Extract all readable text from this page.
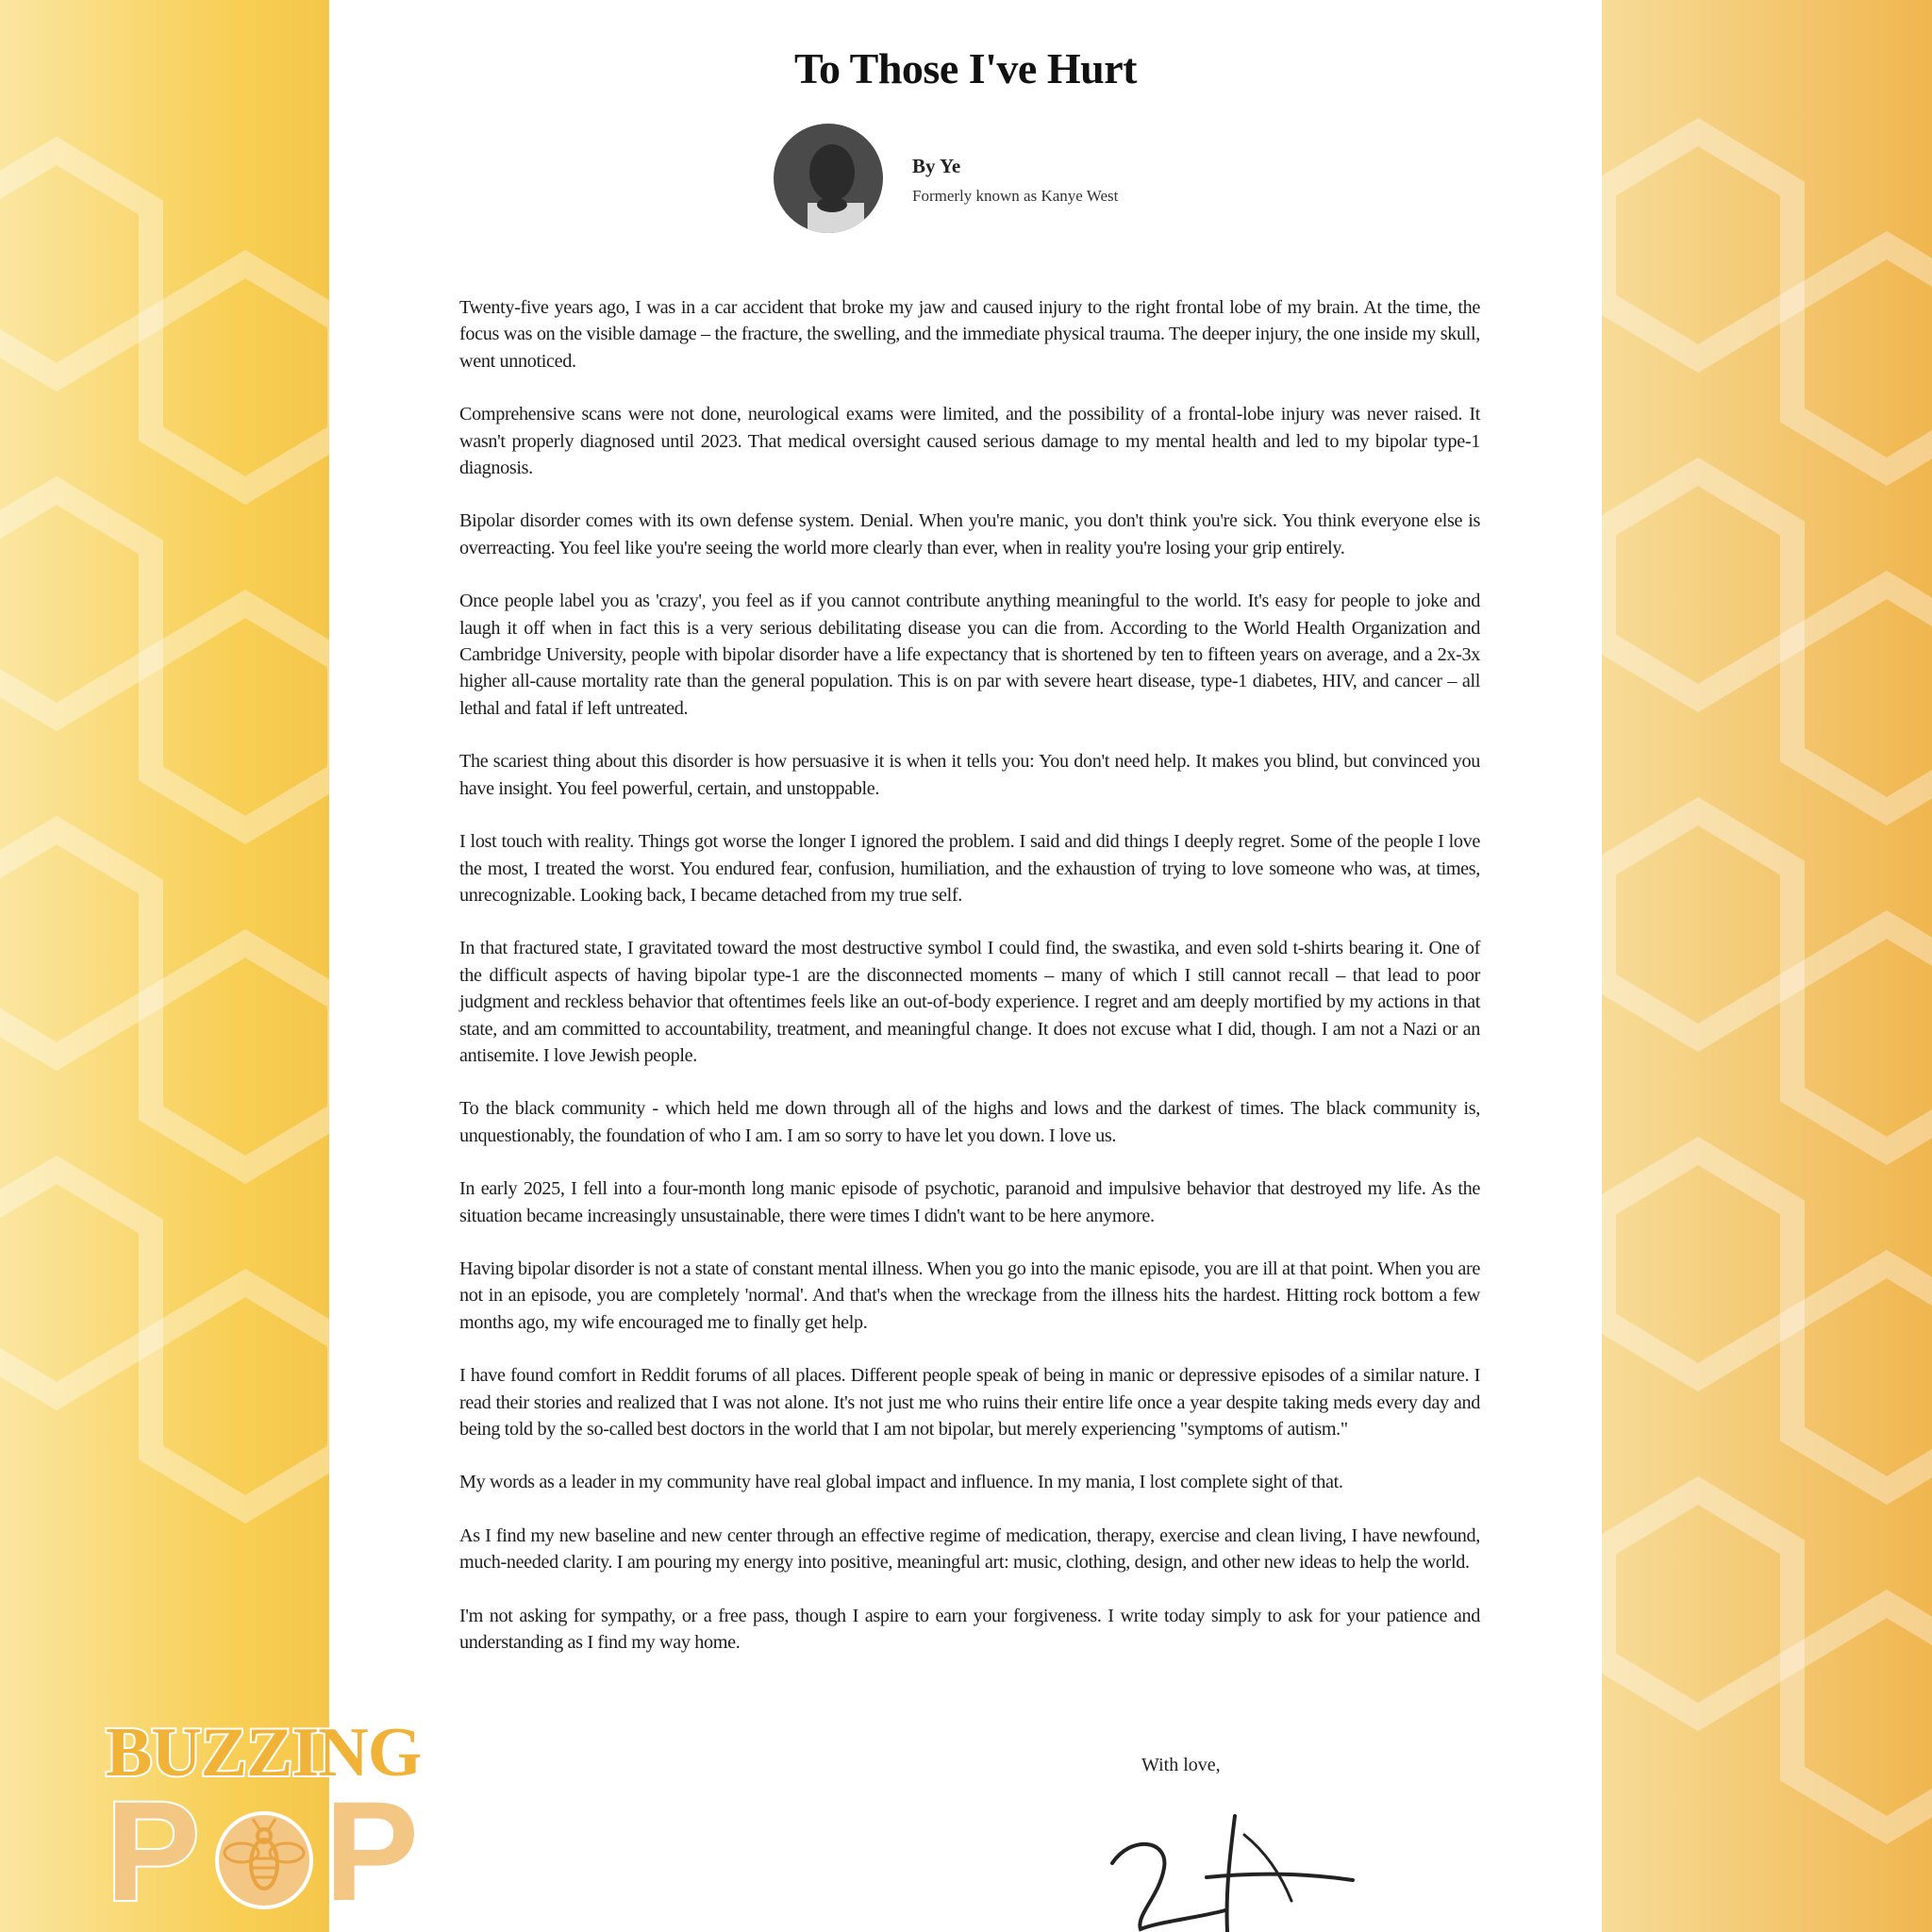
To Those I've Hurt
By Ye
Formerly known as Kanye West

Twenty-five years ago, I was in a car accident that broke my jaw and caused injury to the right frontal lobe of my brain. At the time, the focus was on the visible damage – the fracture, the swelling, and the immediate physical trauma. The deeper injury, the one inside my skull, went unnoticed.

Comprehensive scans were not done, neurological exams were limited, and the possibility of a frontal-lobe injury was never raised. It wasn't properly diagnosed until 2023. That medical oversight caused serious damage to my mental health and led to my bipolar type-1 diagnosis.

Bipolar disorder comes with its own defense system. Denial. When you're manic, you don't think you're sick. You think everyone else is overreacting. You feel like you're seeing the world more clearly than ever, when in reality you're losing your grip entirely.

Once people label you as 'crazy', you feel as if you cannot contribute anything meaningful to the world. It's easy for people to joke and laugh it off when in fact this is a very serious debilitating disease you can die from. According to the World Health Organization and Cambridge University, people with bipolar disorder have a life expectancy that is shortened by ten to fifteen years on average, and a 2x-3x higher all-cause mortality rate than the general population. This is on par with severe heart disease, type-1 diabetes, HIV, and cancer – all lethal and fatal if left untreated.

The scariest thing about this disorder is how persuasive it is when it tells you: You don't need help. It makes you blind, but convinced you have insight. You feel powerful, certain, and unstoppable.

I lost touch with reality. Things got worse the longer I ignored the problem. I said and did things I deeply regret. Some of the people I love the most, I treated the worst. You endured fear, confusion, humiliation, and the exhaustion of trying to love someone who was, at times, unrecognizable. Looking back, I became detached from my true self.

In that fractured state, I gravitated toward the most destructive symbol I could find, the swastika, and even sold t-shirts bearing it. One of the difficult aspects of having bipolar type-1 are the disconnected moments – many of which I still cannot recall – that lead to poor judgment and reckless behavior that oftentimes feels like an out-of-body experience. I regret and am deeply mortified by my actions in that state, and am committed to accountability, treatment, and meaningful change. It does not excuse what I did, though. I am not a Nazi or an antisemite. I love Jewish people.

To the black community - which held me down through all of the highs and lows and the darkest of times. The black community is, unquestionably, the foundation of who I am. I am so sorry to have let you down. I love us.

In early 2025, I fell into a four-month long manic episode of psychotic, paranoid and impulsive behavior that destroyed my life. As the situation became increasingly unsustainable, there were times I didn't want to be here anymore.

Having bipolar disorder is not a state of constant mental illness. When you go into the manic episode, you are ill at that point. When you are not in an episode, you are completely 'normal'. And that's when the wreckage from the illness hits the hardest. Hitting rock bottom a few months ago, my wife encouraged me to finally get help.

I have found comfort in Reddit forums of all places. Different people speak of being in manic or depressive episodes of a similar nature. I read their stories and realized that I was not alone. It's not just me who ruins their entire life once a year despite taking meds every day and being told by the so-called best doctors in the world that I am not bipolar, but merely experiencing "symptoms of autism."

My words as a leader in my community have real global impact and influence. In my mania, I lost complete sight of that.

As I find my new baseline and new center through an effective regime of medication, therapy, exercise and clean living, I have newfound, much-needed clarity. I am pouring my energy into positive, meaningful art: music, clothing, design, and other new ideas to help the world.

I'm not asking for sympathy, or a free pass, though I aspire to earn your forgiveness. I write today simply to ask for your patience and understanding as I find my way home.

With love,
BUZZING
P P
